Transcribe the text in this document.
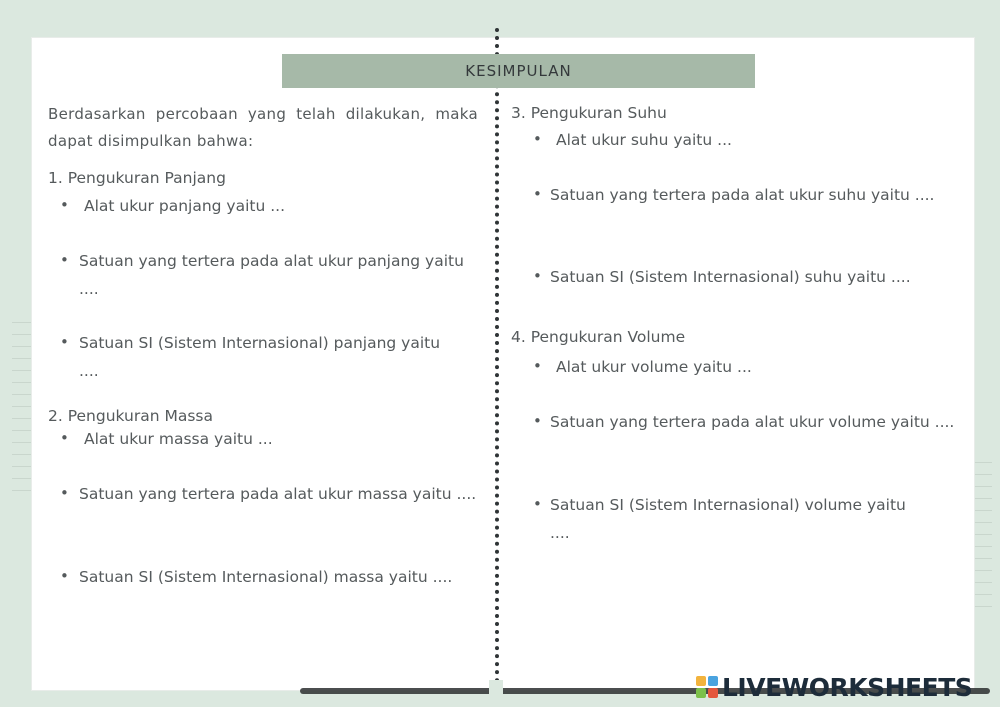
KESIMPULAN
Berdasarkan percobaan yang telah dilakukan, maka dapat disimpulkan bahwa:
1. Pengukuran Panjang
• Alat ukur panjang yaitu ...
• Satuan yang tertera pada alat ukur panjang yaitu ....
• Satuan SI (Sistem Internasional) panjang yaitu ....
2. Pengukuran Massa
• Alat ukur massa yaitu ...
• Satuan yang tertera pada alat ukur massa yaitu ....
• Satuan SI (Sistem Internasional) massa yaitu ....
3. Pengukuran Suhu
• Alat ukur suhu yaitu ...
• Satuan yang tertera pada alat ukur suhu yaitu ....
• Satuan SI (Sistem Internasional) suhu yaitu ....
4. Pengukuran Volume
• Alat ukur volume yaitu ...
• Satuan yang tertera pada alat ukur volume yaitu ....
• Satuan SI (Sistem Internasional) volume yaitu ....
LIVEWORKSHEETS
